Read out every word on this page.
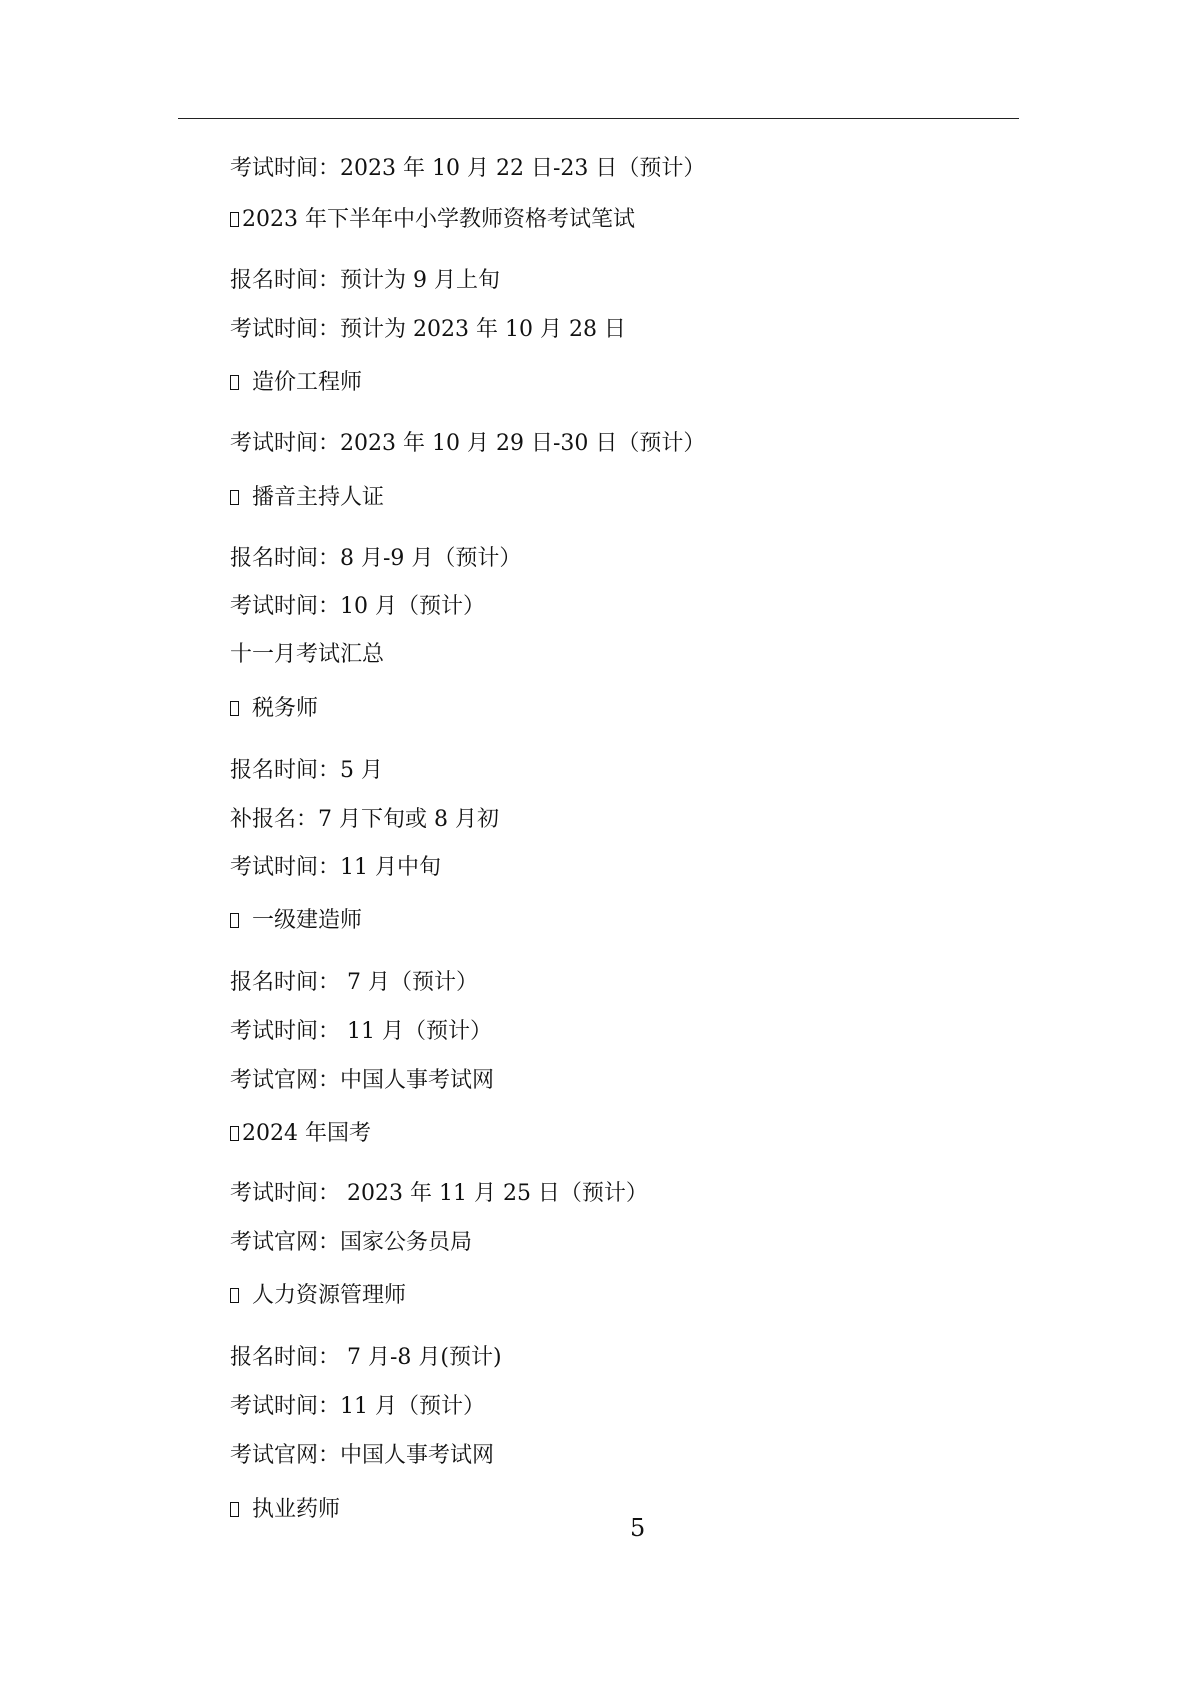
考试时间：2023 年 10 月 22 日-23 日（预计）
2023 年下半年中小学教师资格考试笔试
报名时间：预计为 9 月上旬
考试时间：预计为 2023 年 10 月 28 日
造价工程师
考试时间：2023 年 10 月 29 日-30 日（预计）
播音主持人证
报名时间：8 月-9 月（预计）
考试时间：10 月（预计）
十一月考试汇总
税务师
报名时间：5 月
补报名：7 月下旬或 8 月初
考试时间：11 月中旬
一级建造师
报名时间： 7 月（预计）
考试时间： 11 月（预计）
考试官网：中国人事考试网
2024 年国考
考试时间： 2023 年 11 月 25 日（预计）
考试官网：国家公务员局
人力资源管理师
报名时间： 7 月-8 月(预计)
考试时间：11 月（预计）
考试官网：中国人事考试网
执业药师
5
